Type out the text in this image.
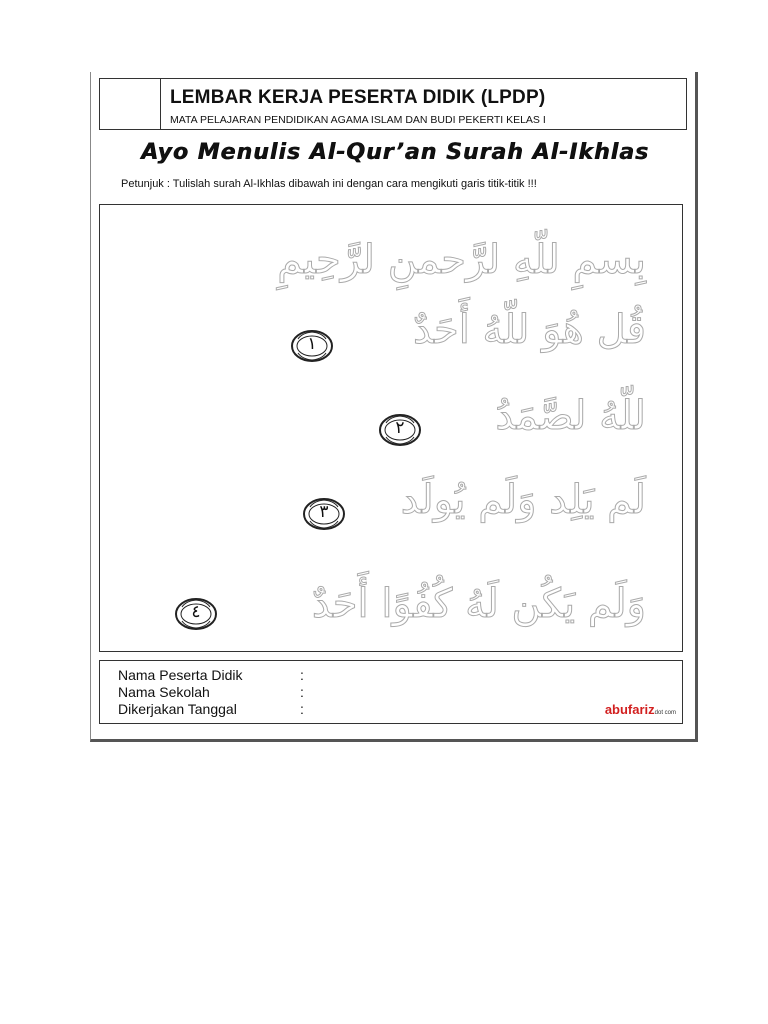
LEMBAR KERJA PESERTA DIDIK (LPDP)
MATA PELAJARAN PENDIDIKAN AGAMA ISLAM DAN BUDI PEKERTI KELAS I
Ayo Menulis Al-Qur’an Surah Al-Ikhlas
Petunjuk : Tulislah surah Al-Ikhlas dibawah ini dengan cara mengikuti garis titik-titik !!!
بِسمِ للّهِ لرَّحمنِ لرَّحِيمِ
قُل هُوَ للّهُ أَحَدٌ
١
للّهُ لصَّمَدُ
٢
لَم يَلِد وَلَم يُولَد
٣
وَلَم يَكُن لَهُ كُفُوًا أَحَدٌ
٤
Nama Peserta Didik	:
Nama Sekolah	:
Dikerjakan Tanggal	:	abufarizdot com
